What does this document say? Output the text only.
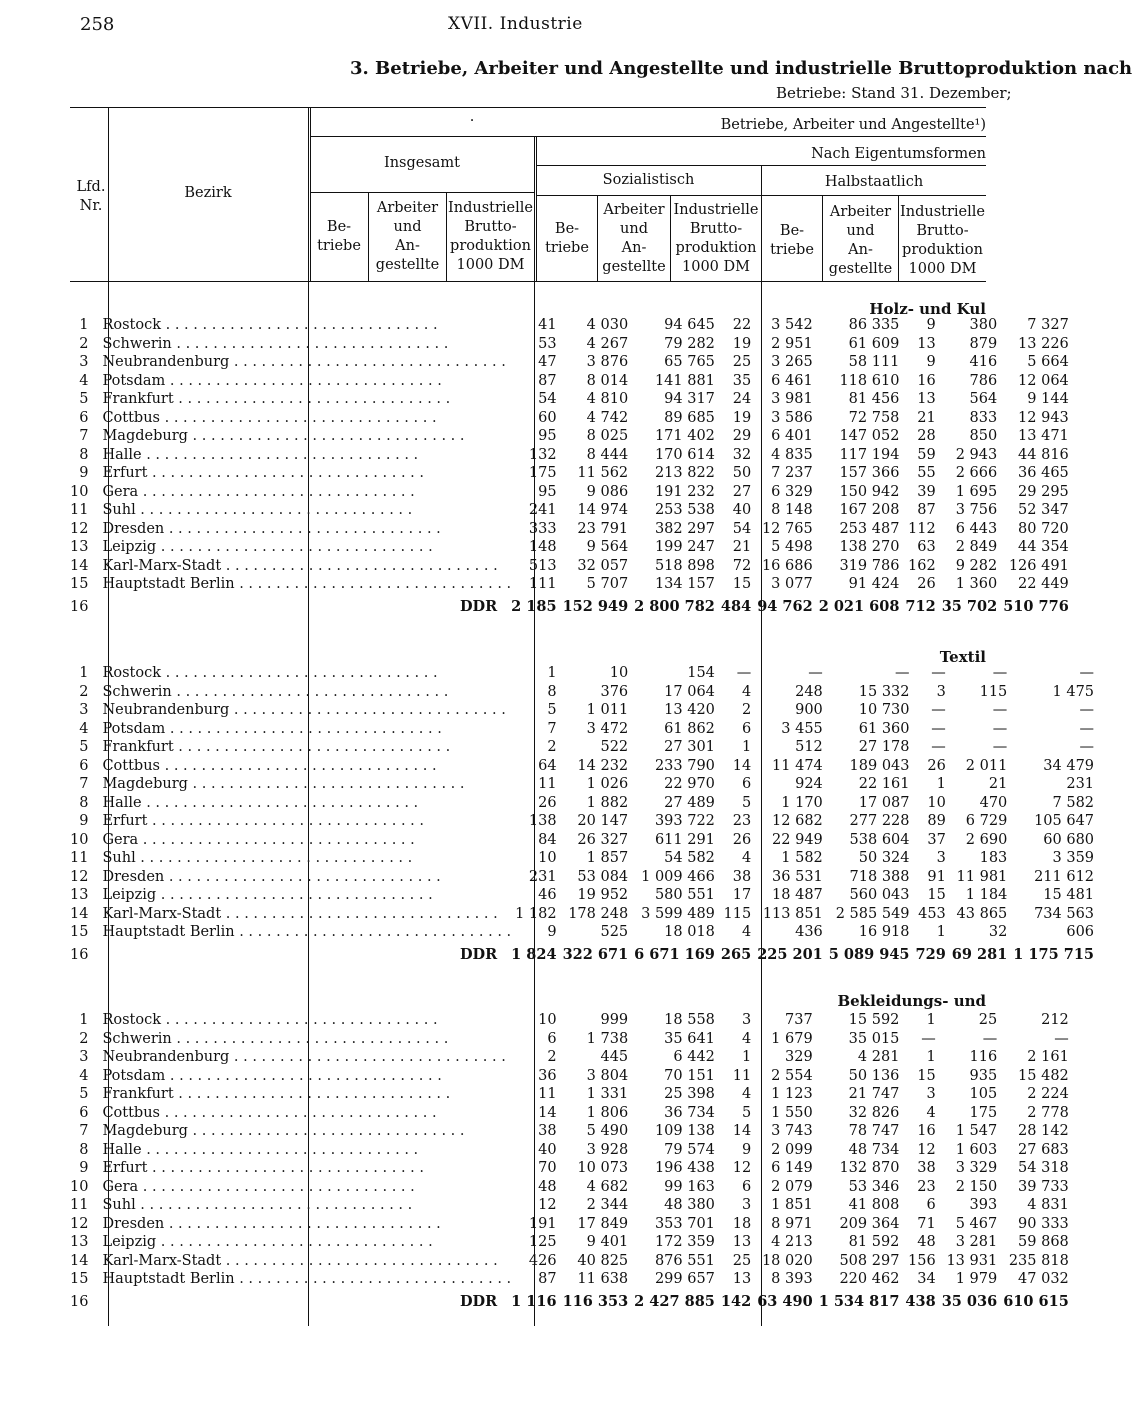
258	XVII. Industrie
3. Betriebe, Arbeiter und Angestellte und industrielle Bruttoproduktion nach
Betriebe: Stand 31. Dezember;
Lfd. Nr.
Bezirk
·	Betriebe, Arbeiter und Angestellte¹)
Insgesamt
Nach Eigentumsformen
Sozialistisch	Halbstaatlich
Be-
triebe
Arbeiter
und
An-
gestellte
Industrielle
Brutto-
produktion
1000 DM
Be-
triebe
Arbeiter
und
An-
gestellte
Industrielle
Brutto-
produktion
1000 DM
Be-
triebe
Arbeiter
und
An-
gestellte
Industrielle
Brutto-
produktion
1000 DM
Holz- und Kul
1	Rostock . . . . . . . . . . . . . . . . . . . . . . . . . . . . . .	41	4 030	94 645	22	3 542	86 335	9	380	7 327
2	Schwerin . . . . . . . . . . . . . . . . . . . . . . . . . . . . . .	53	4 267	79 282	19	2 951	61 609	13	879	13 226
3	Neubrandenburg . . . . . . . . . . . . . . . . . . . . . . . . . . . . . .	47	3 876	65 765	25	3 265	58 111	9	416	5 664
4	Potsdam . . . . . . . . . . . . . . . . . . . . . . . . . . . . . .	87	8 014	141 881	35	6 461	118 610	16	786	12 064
5	Frankfurt . . . . . . . . . . . . . . . . . . . . . . . . . . . . . .	54	4 810	94 317	24	3 981	81 456	13	564	9 144
6	Cottbus . . . . . . . . . . . . . . . . . . . . . . . . . . . . . .	60	4 742	89 685	19	3 586	72 758	21	833	12 943
7	Magdeburg . . . . . . . . . . . . . . . . . . . . . . . . . . . . . .	95	8 025	171 402	29	6 401	147 052	28	850	13 471
8	Halle . . . . . . . . . . . . . . . . . . . . . . . . . . . . . .	132	8 444	170 614	32	4 835	117 194	59	2 943	44 816
9	Erfurt . . . . . . . . . . . . . . . . . . . . . . . . . . . . . .	175	11 562	213 822	50	7 237	157 366	55	2 666	36 465
10	Gera . . . . . . . . . . . . . . . . . . . . . . . . . . . . . .	95	9 086	191 232	27	6 329	150 942	39	1 695	29 295
11	Suhl . . . . . . . . . . . . . . . . . . . . . . . . . . . . . .	241	14 974	253 538	40	8 148	167 208	87	3 756	52 347
12	Dresden . . . . . . . . . . . . . . . . . . . . . . . . . . . . . .	333	23 791	382 297	54	12 765	253 487	112	6 443	80 720
13	Leipzig . . . . . . . . . . . . . . . . . . . . . . . . . . . . . .	148	9 564	199 247	21	5 498	138 270	63	2 849	44 354
14	Karl-Marx-Stadt . . . . . . . . . . . . . . . . . . . . . . . . . . . . . .	513	32 057	518 898	72	16 686	319 786	162	9 282	126 491
15	Hauptstadt Berlin . . . . . . . . . . . . . . . . . . . . . . . . . . . . . .	111	5 707	134 157	15	3 077	91 424	26	1 360	22 449
16	DDR	2 185	152 949	2 800 782	484	94 762	2 021 608	712	35 702	510 776
Textil
1	Rostock . . . . . . . . . . . . . . . . . . . . . . . . . . . . . .	1	10	154	—	—	—	—	—	—
2	Schwerin . . . . . . . . . . . . . . . . . . . . . . . . . . . . . .	8	376	17 064	4	248	15 332	3	115	1 475
3	Neubrandenburg . . . . . . . . . . . . . . . . . . . . . . . . . . . . . .	5	1 011	13 420	2	900	10 730	—	—	—
4	Potsdam . . . . . . . . . . . . . . . . . . . . . . . . . . . . . .	7	3 472	61 862	6	3 455	61 360	—	—	—
5	Frankfurt . . . . . . . . . . . . . . . . . . . . . . . . . . . . . .	2	522	27 301	1	512	27 178	—	—	—
6	Cottbus . . . . . . . . . . . . . . . . . . . . . . . . . . . . . .	64	14 232	233 790	14	11 474	189 043	26	2 011	34 479
7	Magdeburg . . . . . . . . . . . . . . . . . . . . . . . . . . . . . .	11	1 026	22 970	6	924	22 161	1	21	231
8	Halle . . . . . . . . . . . . . . . . . . . . . . . . . . . . . .	26	1 882	27 489	5	1 170	17 087	10	470	7 582
9	Erfurt . . . . . . . . . . . . . . . . . . . . . . . . . . . . . .	138	20 147	393 722	23	12 682	277 228	89	6 729	105 647
10	Gera . . . . . . . . . . . . . . . . . . . . . . . . . . . . . .	84	26 327	611 291	26	22 949	538 604	37	2 690	60 680
11	Suhl . . . . . . . . . . . . . . . . . . . . . . . . . . . . . .	10	1 857	54 582	4	1 582	50 324	3	183	3 359
12	Dresden . . . . . . . . . . . . . . . . . . . . . . . . . . . . . .	231	53 084	1 009 466	38	36 531	718 388	91	11 981	211 612
13	Leipzig . . . . . . . . . . . . . . . . . . . . . . . . . . . . . .	46	19 952	580 551	17	18 487	560 043	15	1 184	15 481
14	Karl-Marx-Stadt . . . . . . . . . . . . . . . . . . . . . . . . . . . . . .	1 182	178 248	3 599 489	115	113 851	2 585 549	453	43 865	734 563
15	Hauptstadt Berlin . . . . . . . . . . . . . . . . . . . . . . . . . . . . . .	9	525	18 018	4	436	16 918	1	32	606
16	DDR	1 824	322 671	6 671 169	265	225 201	5 089 945	729	69 281	1 175 715
Bekleidungs- und
1	Rostock . . . . . . . . . . . . . . . . . . . . . . . . . . . . . .	10	999	18 558	3	737	15 592	1	25	212
2	Schwerin . . . . . . . . . . . . . . . . . . . . . . . . . . . . . .	6	1 738	35 641	4	1 679	35 015	—	—	—
3	Neubrandenburg . . . . . . . . . . . . . . . . . . . . . . . . . . . . . .	2	445	6 442	1	329	4 281	1	116	2 161
4	Potsdam . . . . . . . . . . . . . . . . . . . . . . . . . . . . . .	36	3 804	70 151	11	2 554	50 136	15	935	15 482
5	Frankfurt . . . . . . . . . . . . . . . . . . . . . . . . . . . . . .	11	1 331	25 398	4	1 123	21 747	3	105	2 224
6	Cottbus . . . . . . . . . . . . . . . . . . . . . . . . . . . . . .	14	1 806	36 734	5	1 550	32 826	4	175	2 778
7	Magdeburg . . . . . . . . . . . . . . . . . . . . . . . . . . . . . .	38	5 490	109 138	14	3 743	78 747	16	1 547	28 142
8	Halle . . . . . . . . . . . . . . . . . . . . . . . . . . . . . .	40	3 928	79 574	9	2 099	48 734	12	1 603	27 683
9	Erfurt . . . . . . . . . . . . . . . . . . . . . . . . . . . . . .	70	10 073	196 438	12	6 149	132 870	38	3 329	54 318
10	Gera . . . . . . . . . . . . . . . . . . . . . . . . . . . . . .	48	4 682	99 163	6	2 079	53 346	23	2 150	39 733
11	Suhl . . . . . . . . . . . . . . . . . . . . . . . . . . . . . .	12	2 344	48 380	3	1 851	41 808	6	393	4 831
12	Dresden . . . . . . . . . . . . . . . . . . . . . . . . . . . . . .	191	17 849	353 701	18	8 971	209 364	71	5 467	90 333
13	Leipzig . . . . . . . . . . . . . . . . . . . . . . . . . . . . . .	125	9 401	172 359	13	4 213	81 592	48	3 281	59 868
14	Karl-Marx-Stadt . . . . . . . . . . . . . . . . . . . . . . . . . . . . . .	426	40 825	876 551	25	18 020	508 297	156	13 931	235 818
15	Hauptstadt Berlin . . . . . . . . . . . . . . . . . . . . . . . . . . . . . .	87	11 638	299 657	13	8 393	220 462	34	1 979	47 032
16	DDR	1 116	116 353	2 427 885	142	63 490	1 534 817	438	35 036	610 615
